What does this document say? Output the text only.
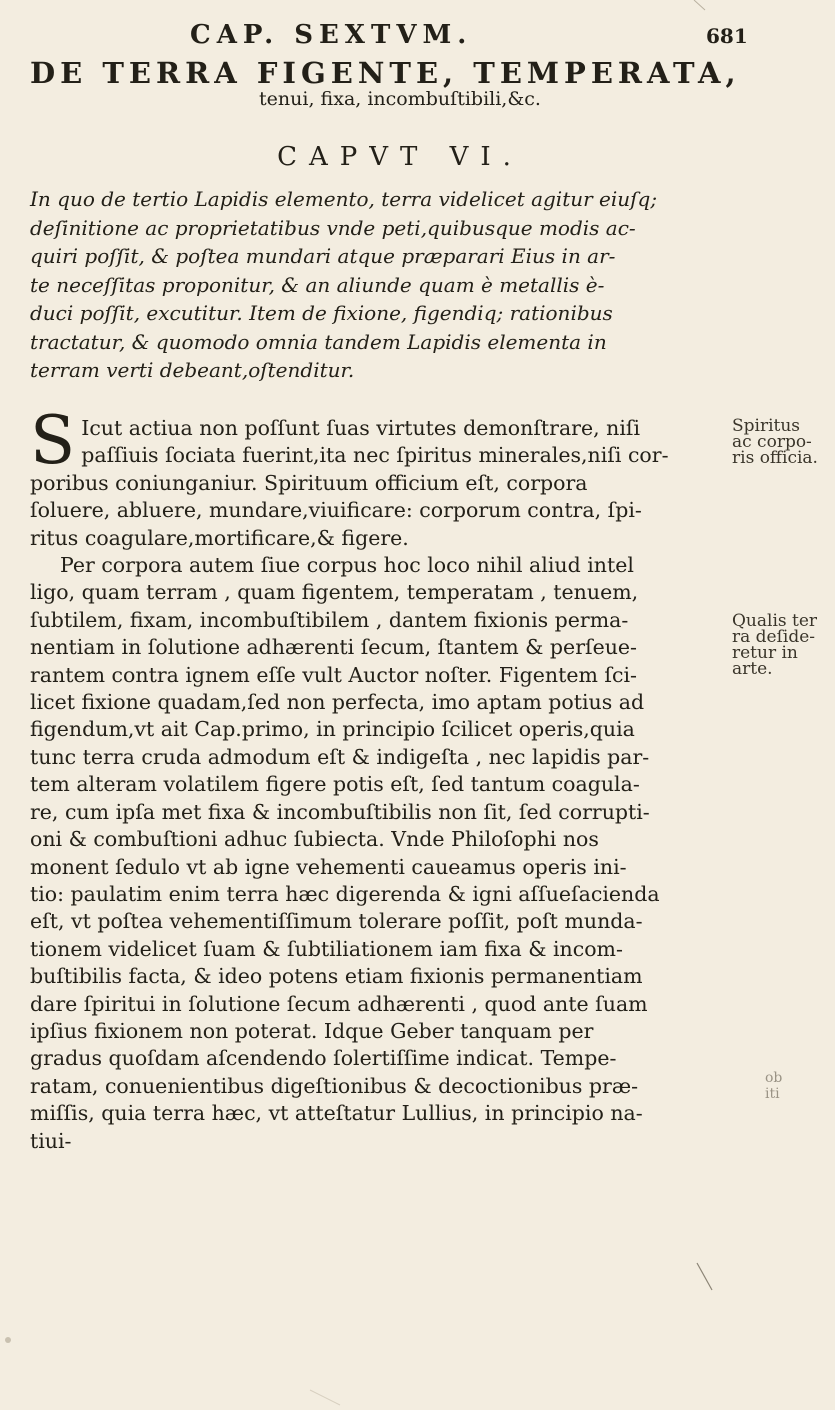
CAP. SEXTVM.	681
DE TERRA FIGENTE, TEMPERATA,
tenui, fixa, incombuſtibili,&c.
CAPVT VI.
In quo de tertio Lapidis elemento, terra videlicet agitur eiuſq;
deſinitione ac proprietatibus vnde peti,quibusque modis ac-
quiri poſſit, & poſtea mundari atque præparari Eius in ar-
te neceſſitas proponitur, & an aliunde quam è metallis è-
duci poſſit, excutitur. Item de fixione, figendiq; rationibus
tractatur, & quomodo omnia tandem Lapidis elementa in
terram verti debeant,oſtenditur.
S Icut actiua non poſſunt ſuas virtutes demonſtrare, niſi
paſſiuis ſociata fuerint,ita nec ſpiritus minerales,niſi cor-
poribus coniunganiur. Spirituum officium eſt, corpora
ſoluere, abluere, mundare,viuificare: corporum contra, ſpi-
ritus coagulare,mortificare,& figere.
Per corpora autem ſiue corpus hoc loco nihil aliud intel
ligo, quam terram , quam figentem, temperatam , tenuem,
ſubtilem, fixam, incombuſtibilem , dantem fixionis perma-
nentiam in ſolutione adhærenti ſecum, ſtantem & perſeue-
rantem contra ignem eſſe vult Auctor noſter. Figentem ſci-
licet fixione quadam,ſed non perfecta, imo aptam potius ad
figendum,vt ait Cap.primo, in principio ſcilicet operis,quia
tunc terra cruda admodum eſt & indigeſta , nec lapidis par-
tem alteram volatilem figere potis eſt, ſed tantum coagula-
re, cum ipſa met fixa & incombuſtibilis non ſit, ſed corrupti-
oni & combuſtioni adhuc ſubiecta. Vnde Philoſophi nos
monent ſedulo vt ab igne vehementi caueamus operis ini-
tio: paulatim enim terra hæc digerenda & igni aſſueſacienda
eſt, vt poſtea vehementiſſimum tolerare poſſit, poſt munda-
tionem videlicet ſuam & ſubtiliationem iam fixa & incom-
buſtibilis facta, & ideo potens etiam fixionis permanentiam
dare ſpiritui in ſolutione ſecum adhærenti , quod ante ſuam
ipſius fixionem non poterat. Idque Geber tanquam per
gradus quoſdam aſcendendo ſolertiſſime indicat. Tempe-
ratam, conuenientibus digeſtionibus & decoctionibus præ-
miſſis, quia terra hæc, vt atteſtatur Lullius, in principio na-
tiui-
Spiritus
ac corpo-
ris officia.
Qualis ter
ra deſide-
retur in
arte.
ob
iti
